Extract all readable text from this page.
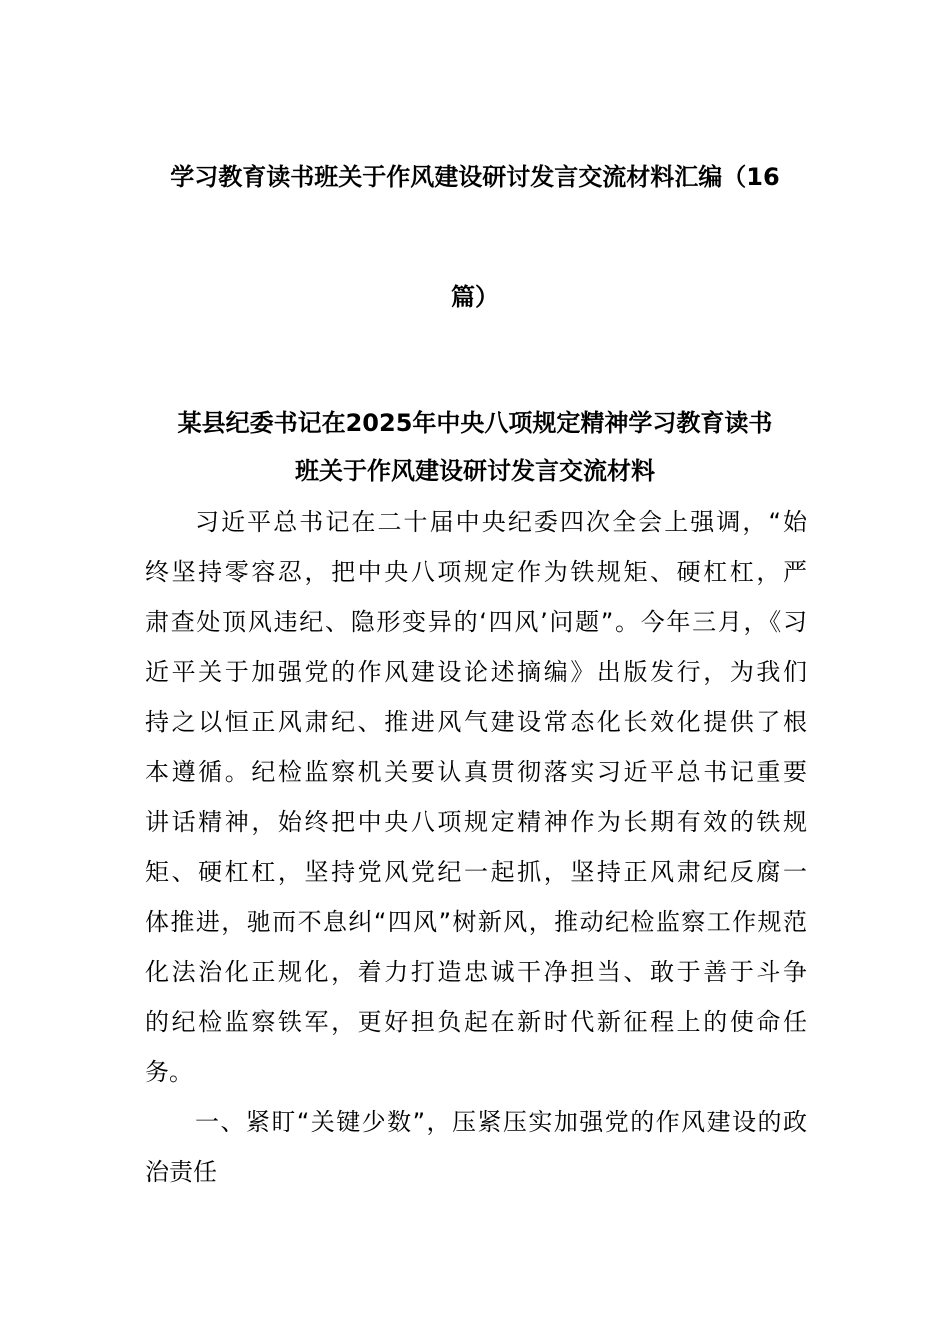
学习教育读书班关于作风建设研讨发言交流材料汇编（16
篇）
某县纪委书记在2025年中央八项规定精神学习教育读书
班关于作风建设研讨发言交流材料
习近平总书记在二十届中央纪委四次全会上强调，“始
终坚持零容忍，把中央八项规定作为铁规矩、硬杠杠，严
肃查处顶风违纪、隐形变异的‘四风’问题”。今年三月，《习
近平关于加强党的作风建设论述摘编》出版发行，为我们
持之以恒正风肃纪、推进风气建设常态化长效化提供了根
本遵循。纪检监察机关要认真贯彻落实习近平总书记重要
讲话精神，始终把中央八项规定精神作为长期有效的铁规
矩、硬杠杠，坚持党风党纪一起抓，坚持正风肃纪反腐一
体推进，驰而不息纠“四风”树新风，推动纪检监察工作规范
化法治化正规化，着力打造忠诚干净担当、敢于善于斗争
的纪检监察铁军，更好担负起在新时代新征程上的使命任
务。
一、紧盯“关键少数”，压紧压实加强党的作风建设的政
治责任
